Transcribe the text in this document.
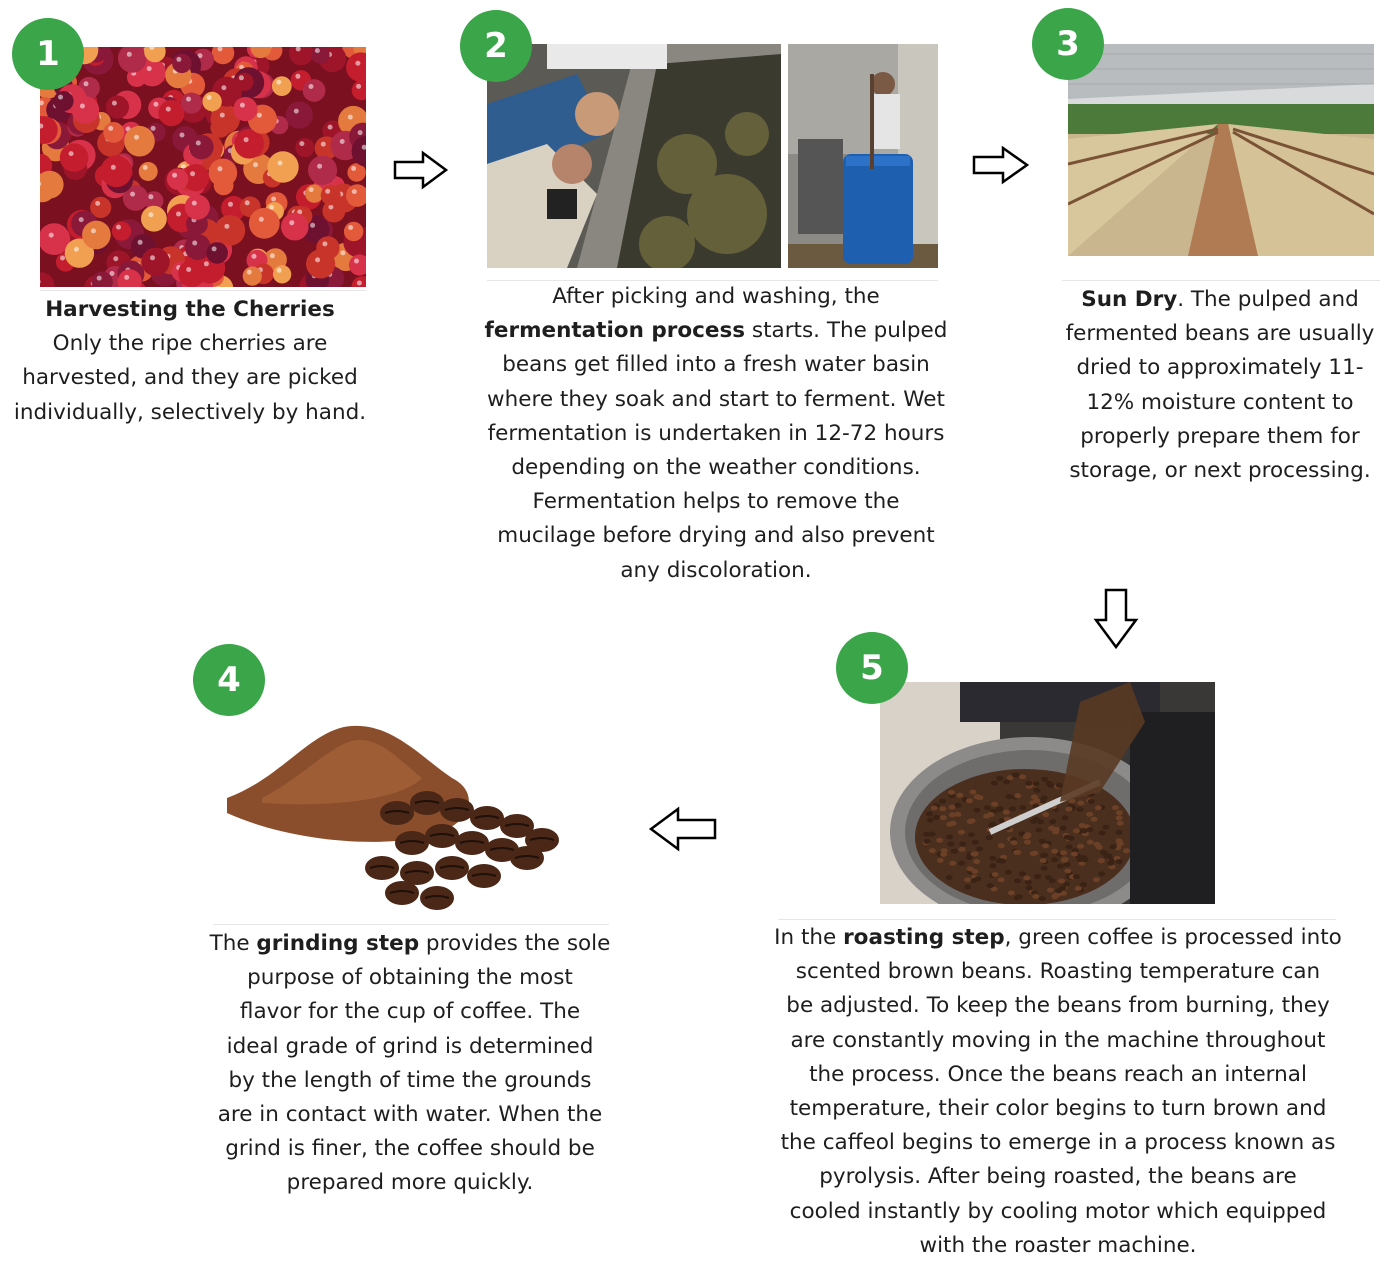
1
Harvesting the Cherries
Only the ripe cherries are
harvested, and they are picked
individually, selectively by hand.
2
After picking and washing, the
fermentation process starts. The pulped
beans get filled into a fresh water basin
where they soak and start to ferment. Wet
fermentation is undertaken in 12-72 hours
depending on the weather conditions.
Fermentation helps to remove the
mucilage before drying and also prevent
any discoloration.
3
Sun Dry. The pulped and
fermented beans are usually
dried to approximately 11-
12% moisture content to
properly prepare them for
storage, or next processing.
5
In the roasting step, green coffee is processed into
scented brown beans. Roasting temperature can
be adjusted. To keep the beans from burning, they
are constantly moving in the machine throughout
the process. Once the beans reach an internal
temperature, their color begins to turn brown and
the caffeol begins to emerge in a process known as
pyrolysis. After being roasted, the beans are
cooled instantly by cooling motor which equipped
with the roaster machine.
4
The grinding step provides the sole
purpose of obtaining the most
flavor for the cup of coffee. The
ideal grade of grind is determined
by the length of time the grounds
are in contact with water. When the
grind is finer, the coffee should be
prepared more quickly.
